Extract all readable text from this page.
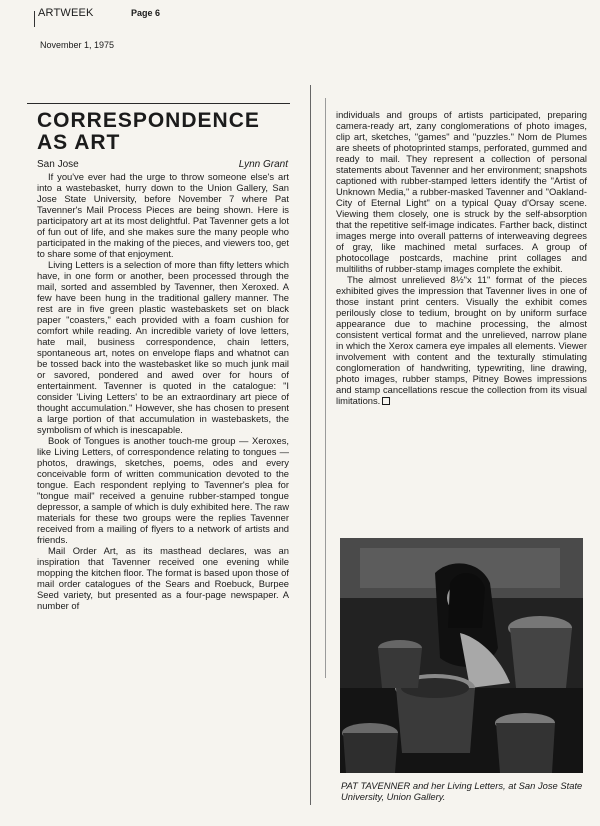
ARTWEEK	Page 6
November 1, 1975
CORRESPONDENCE
AS ART
San Jose	Lynn Grant

If you've ever had the urge to throw someone else's art into a wastebasket, hurry down to the Union Gallery, San Jose State University, before November 7 where Pat Tavenner's Mail Process Pieces are being shown. Here is participatory art at its most delightful. Pat Tavenner gets a lot of fun out of life, and she makes sure the many people who participated in the making of the pieces, and viewers too, get to share some of that enjoyment.

Living Letters is a selection of more than fifty letters which have, in one form or another, been processed through the mail, sorted and assembled by Tavenner, then Xeroxed. A few have been hung in the traditional gallery manner. The rest are in five green plastic wastebaskets set on black paper "coasters," each provided with a foam cushion for comfort while reading. An incredible variety of love letters, hate mail, business correspondence, chain letters, spontaneous art, notes on envelope flaps and whatnot can be tossed back into the wastebasket like so much junk mail or savored, pondered and awed over for hours of entertainment. Tavenner is quoted in the catalogue: "I consider 'Living Letters' to be an extraordinary art piece of thought accumulation." However, she has chosen to present a large portion of that accumulation in wastebaskets, the symbolism of which is inescapable.

Book of Tongues is another touch-me group — Xeroxes, like Living Letters, of correspondence relating to tongues — photos, drawings, sketches, poems, odes and every conceivable form of written communication devoted to the tongue. Each respondent replying to Tavenner's plea for "tongue mail" received a genuine rubber-stamped tongue depressor, a sample of which is duly exhibited here. The raw materials for these two groups were the replies Tavenner received from a mailing of flyers to a network of artists and friends.

Mail Order Art, as its masthead declares, was an inspiration that Tavenner received one evening while mopping the kitchen floor. The format is based upon those of mail order catalogues of the Sears and Roebuck, Burpee Seed variety, but presented as a four-page newspaper. A number of

individuals and groups of artists participated, preparing camera-ready art, zany conglomerations of photo images, clip art, sketches, "games" and "puzzles." Nom de Plumes are sheets of photoprinted stamps, perforated, gummed and ready to mail. They represent a collection of personal statements about Tavenner and her environment; snapshots captioned with rubber-stamped letters identify the "Artist of Unknown Media," a rubber-masked Tavenner and "Oakland-City of Eternal Light" on a typical Quay d'Orsay scene. Viewing them closely, one is struck by the self-absorption that the repetitive self-image indicates. Farther back, distinct images merge into overall patterns of interweaving degrees of gray, like machined metal surfaces. A group of photocollage postcards, machine print collages and multiliths of rubber-stamp images complete the exhibit.

The almost unrelieved 8½"x 11" format of the pieces exhibited gives the impression that Tavenner lives in one of those instant print centers. Visually the exhibit comes perilously close to tedium, brought on by uniform surface appearance due to machine processing, the almost consistent vertical format and the unrelieved, narrow plane in which the Xerox camera eye impales all elements. Viewer involvement with content and the texturally stimulating conglomeration of handwriting, typewriting, line drawing, photo images, rubber stamps, Pitney Bowes impressions and stamp cancellations rescue the collection from its visual limitations.

PAT TAVENNER and her Living Letters, at San Jose State University, Union Gallery.
